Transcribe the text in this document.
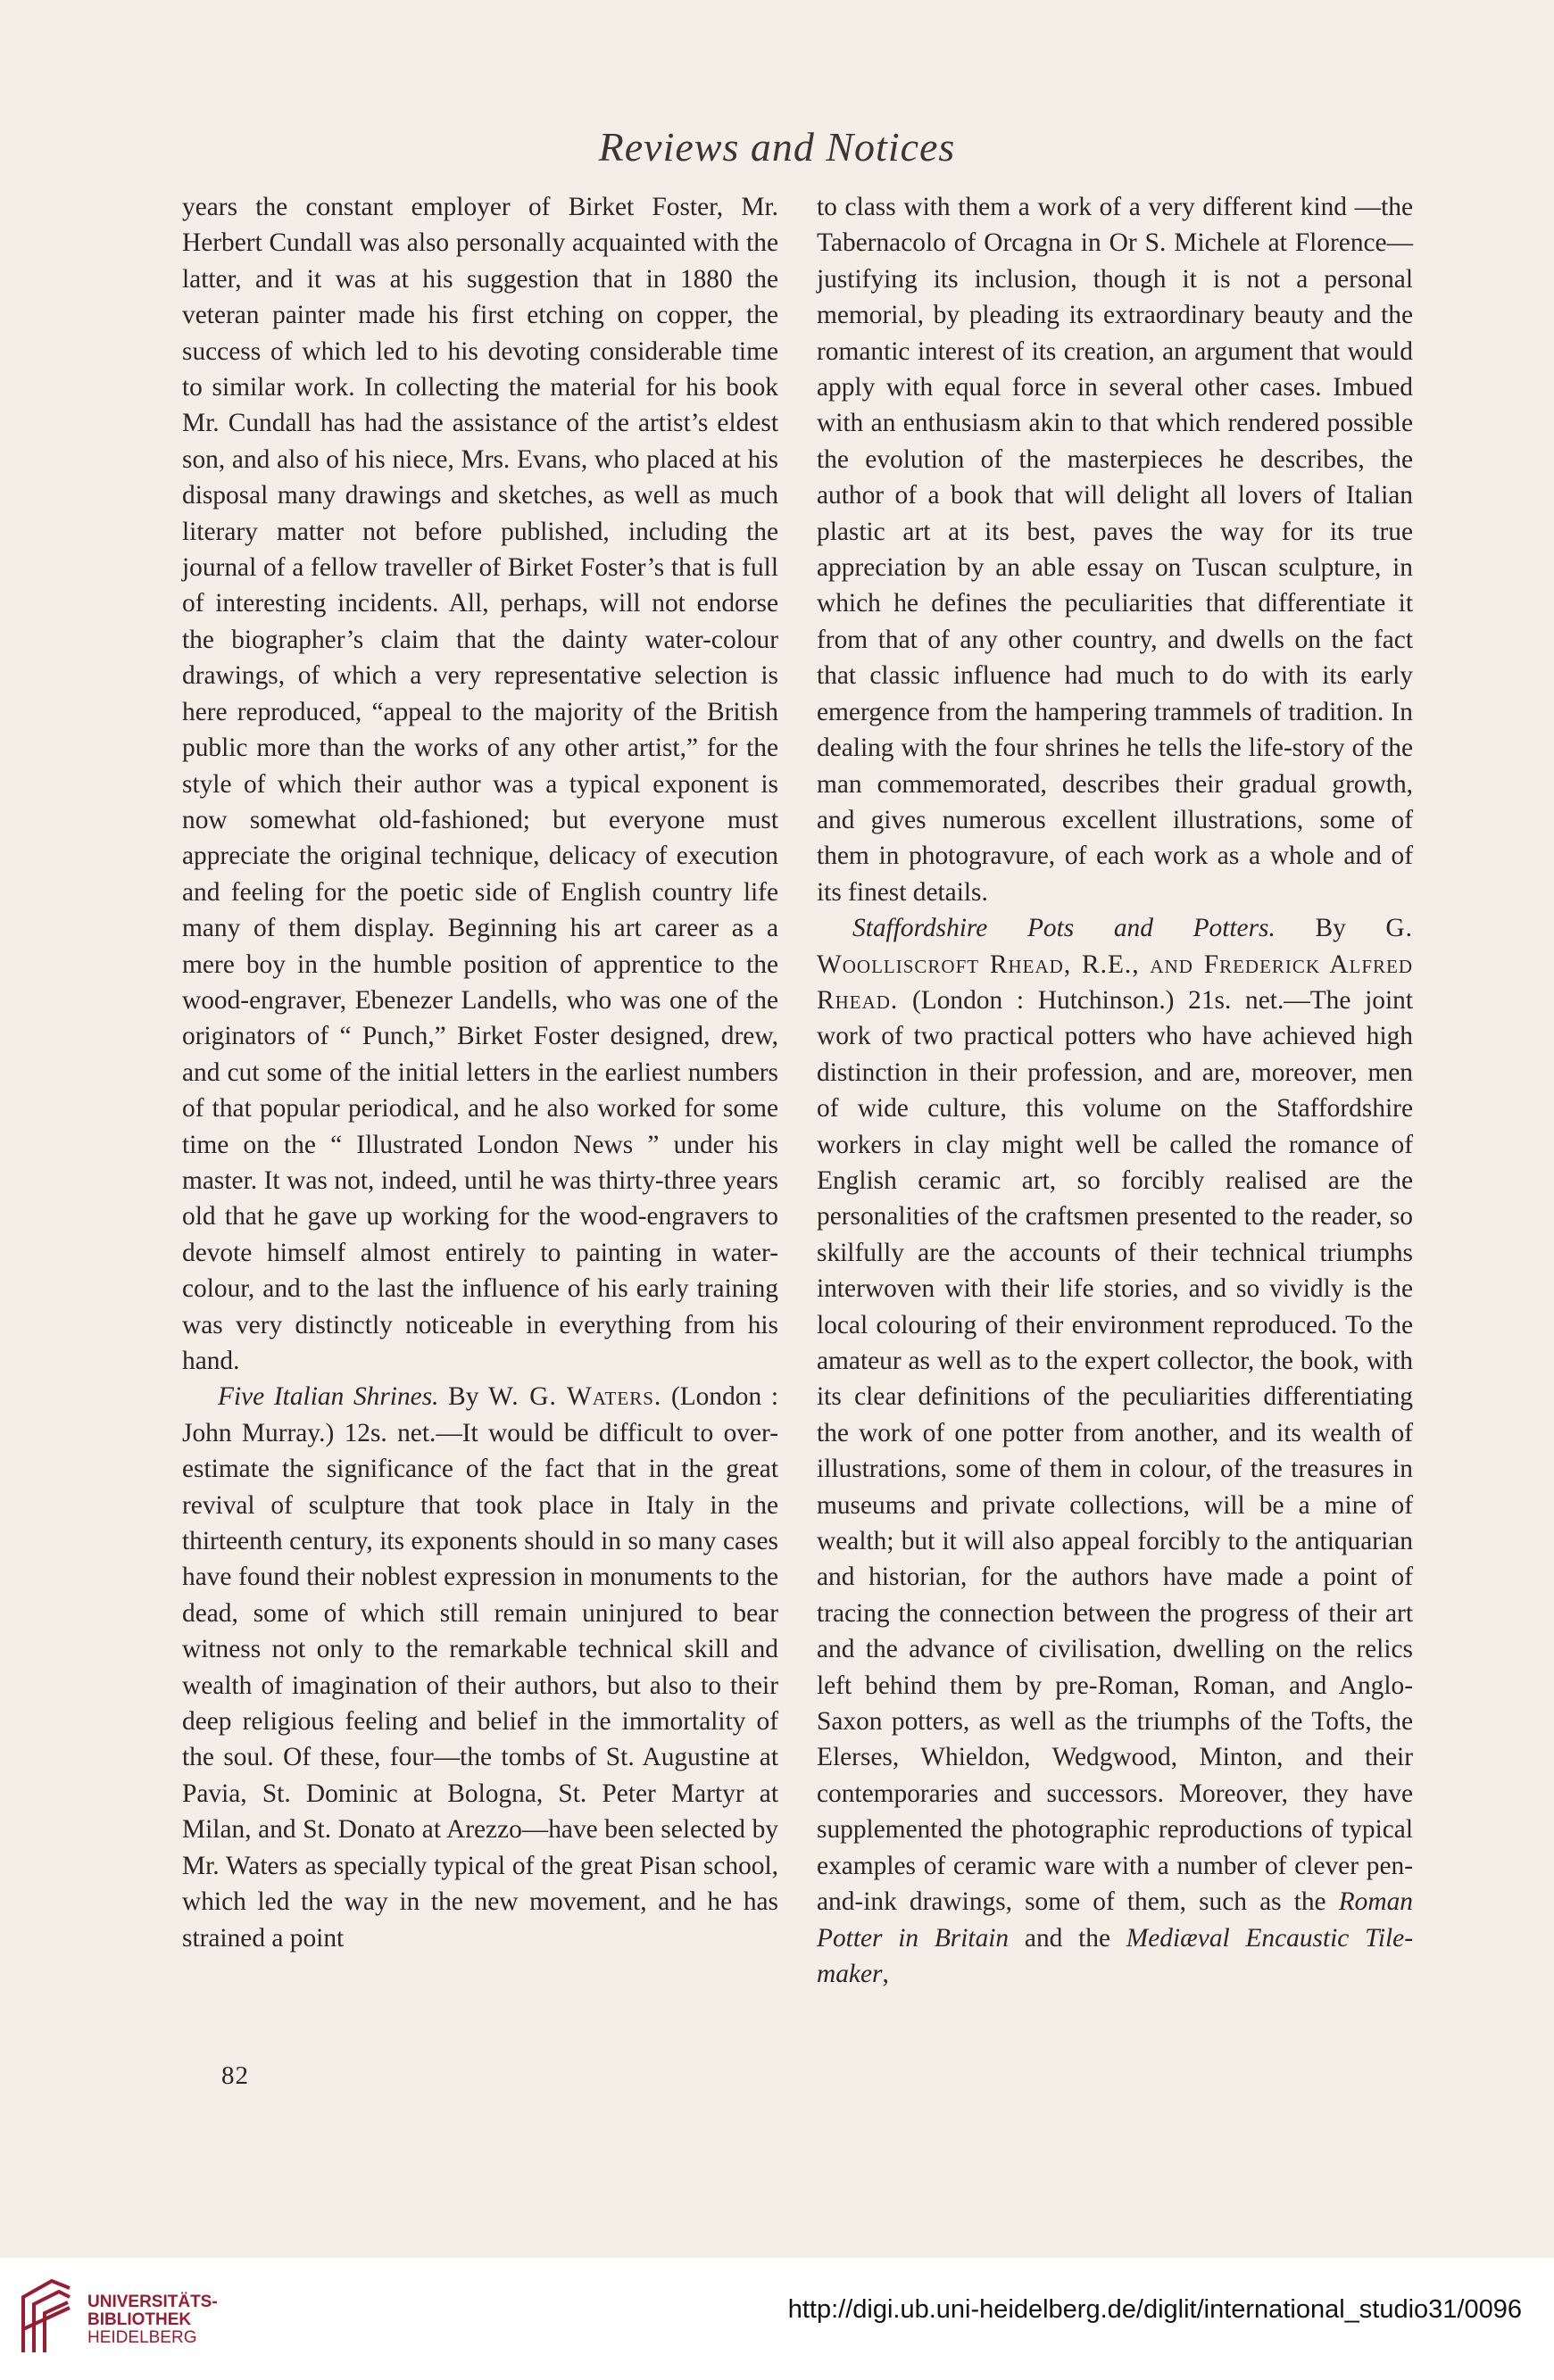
Reviews and Notices

years the constant employer of Birket Foster, Mr. Herbert Cundall was also personally acquainted with the latter, and it was at his suggestion that in 1880 the veteran painter made his first etching on copper, the success of which led to his devoting considerable time to similar work. In collecting the material for his book Mr. Cundall has had the assistance of the artist’s eldest son, and also of his niece, Mrs. Evans, who placed at his disposal many drawings and sketches, as well as much literary matter not before published, including the journal of a fellow traveller of Birket Foster’s that is full of interesting incidents. All, perhaps, will not endorse the biographer’s claim that the dainty water-colour drawings, of which a very representative selection is here reproduced, “appeal to the majority of the British public more than the works of any other artist,” for the style of which their author was a typical exponent is now somewhat old-fashioned; but everyone must appreciate the original technique, delicacy of execution and feeling for the poetic side of English country life many of them display. Beginning his art career as a mere boy in the humble position of apprentice to the wood-engraver, Ebenezer Landells, who was one of the originators of “ Punch,” Birket Foster designed, drew, and cut some of the initial letters in the earliest numbers of that popular periodical, and he also worked for some time on the “ Illustrated London News ” under his master. It was not, indeed, until he was thirty-three years old that he gave up working for the wood-engravers to devote himself almost entirely to painting in water-colour, and to the last the influence of his early training was very distinctly noticeable in everything from his hand.

Five Italian Shrines. By W. G. Waters. (London : John Murray.) 12s. net.—It would be difficult to over-estimate the significance of the fact that in the great revival of sculpture that took place in Italy in the thirteenth century, its exponents should in so many cases have found their noblest expression in monuments to the dead, some of which still remain uninjured to bear witness not only to the remarkable technical skill and wealth of imagination of their authors, but also to their deep religious feeling and belief in the immortality of the soul. Of these, four—the tombs of St. Augustine at Pavia, St. Dominic at Bologna, St. Peter Martyr at Milan, and St. Donato at Arezzo—have been selected by Mr. Waters as specially typical of the great Pisan school, which led the way in the new movement, and he has strained a point

to class with them a work of a very different kind —the Tabernacolo of Orcagna in Or S. Michele at Florence—justifying its inclusion, though it is not a personal memorial, by pleading its extraordinary beauty and the romantic interest of its creation, an argument that would apply with equal force in several other cases. Imbued with an enthusiasm akin to that which rendered possible the evolution of the masterpieces he describes, the author of a book that will delight all lovers of Italian plastic art at its best, paves the way for its true appreciation by an able essay on Tuscan sculpture, in which he defines the peculiarities that differentiate it from that of any other country, and dwells on the fact that classic influence had much to do with its early emergence from the hampering trammels of tradition. In dealing with the four shrines he tells the life-story of the man commemorated, describes their gradual growth, and gives numerous excellent illustrations, some of them in photogravure, of each work as a whole and of its finest details.

Staffordshire Pots and Potters. By G. Woolliscroft Rhead, R.E., and Frederick Alfred Rhead. (London : Hutchinson.) 21s. net.—The joint work of two practical potters who have achieved high distinction in their profession, and are, moreover, men of wide culture, this volume on the Staffordshire workers in clay might well be called the romance of English ceramic art, so forcibly realised are the personalities of the craftsmen presented to the reader, so skilfully are the accounts of their technical triumphs interwoven with their life stories, and so vividly is the local colouring of their environment reproduced. To the amateur as well as to the expert collector, the book, with its clear definitions of the peculiarities differentiating the work of one potter from another, and its wealth of illustrations, some of them in colour, of the treasures in museums and private collections, will be a mine of wealth; but it will also appeal forcibly to the antiquarian and historian, for the authors have made a point of tracing the connection between the progress of their art and the advance of civilisation, dwelling on the relics left behind them by pre-Roman, Roman, and Anglo-Saxon potters, as well as the triumphs of the Tofts, the Elerses, Whieldon, Wedgwood, Minton, and their contemporaries and successors. Moreover, they have supplemented the photographic reproductions of typical examples of ceramic ware with a number of clever pen-and-ink drawings, some of them, such as the Roman Potter in Britain and the Mediæval Encaustic Tile-maker,

82
UNIVERSITÄTS-
BIBLIOTHEK
HEIDELBERG
http://digi.ub.uni-heidelberg.de/diglit/international_studio31/0096
